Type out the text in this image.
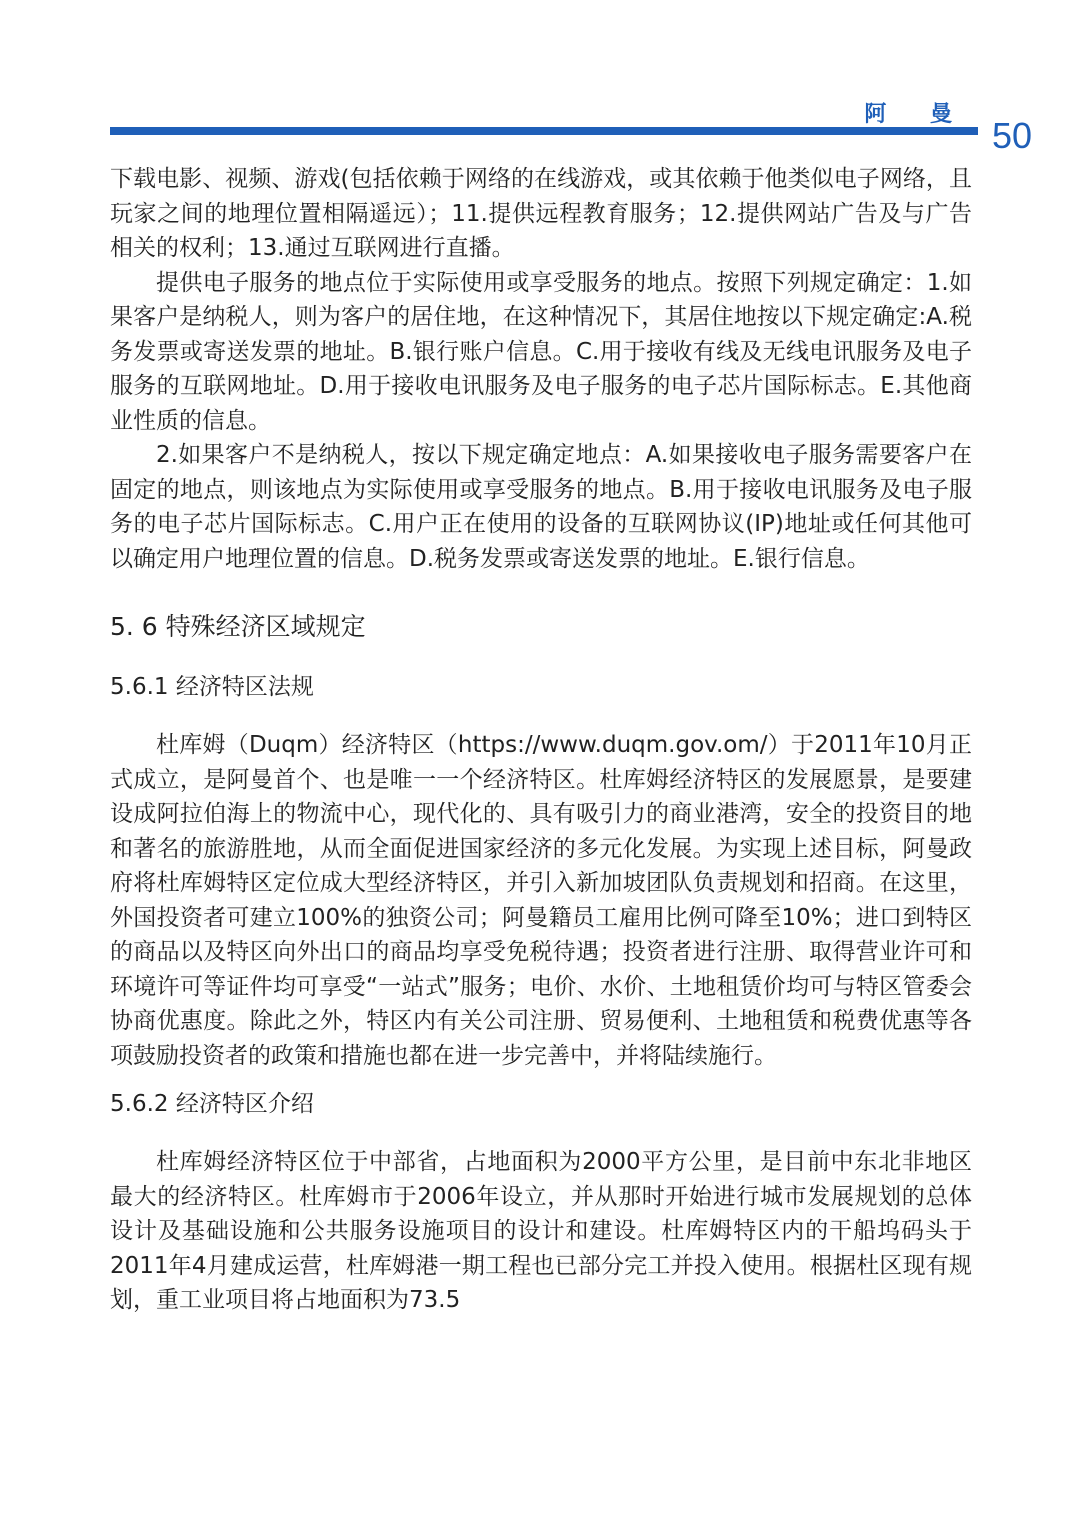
阿 曼
50

下载电影、视频、游戏(包括依赖于网络的在线游戏，或其依赖于他类似电子网络，且玩家之间的地理位置相隔遥远）；11.提供远程教育服务；12.提供网站广告及与广告相关的权利；13.通过互联网进行直播。

提供电子服务的地点位于实际使用或享受服务的地点。按照下列规定确定：1.如果客户是纳税人，则为客户的居住地，在这种情况下，其居住地按以下规定确定:A.税务发票或寄送发票的地址。B.银行账户信息。C.用于接收有线及无线电讯服务及电子服务的互联网地址。D.用于接收电讯服务及电子服务的电子芯片国际标志。E.其他商业性质的信息。

2.如果客户不是纳税人，按以下规定确定地点：A.如果接收电子服务需要客户在固定的地点，则该地点为实际使用或享受服务的地点。B.用于接收电讯服务及电子服务的电子芯片国际标志。C.用户正在使用的设备的互联网协议(IP)地址或任何其他可以确定用户地理位置的信息。D.税务发票或寄送发票的地址。E.银行信息。

5. 6 特殊经济区域规定
5.6.1 经济特区法规

杜库姆（Duqm）经济特区（https://www.duqm.gov.om/）于2011年10月正式成立，是阿曼首个、也是唯一一个经济特区。杜库姆经济特区的发展愿景，是要建设成阿拉伯海上的物流中心，现代化的、具有吸引力的商业港湾，安全的投资目的地和著名的旅游胜地，从而全面促进国家经济的多元化发展。为实现上述目标，阿曼政府将杜库姆特区定位成大型经济特区，并引入新加坡团队负责规划和招商。在这里，外国投资者可建立100%的独资公司；阿曼籍员工雇用比例可降至10%；进口到特区的商品以及特区向外出口的商品均享受免税待遇；投资者进行注册、取得营业许可和环境许可等证件均可享受“一站式”服务；电价、水价、土地租赁价均可与特区管委会协商优惠度。除此之外，特区内有关公司注册、贸易便利、土地租赁和税费优惠等各项鼓励投资者的政策和措施也都在进一步完善中，并将陆续施行。

5.6.2 经济特区介绍

杜库姆经济特区位于中部省，占地面积为2000平方公里，是目前中东北非地区最大的经济特区。杜库姆市于2006年设立，并从那时开始进行城市发展规划的总体设计及基础设施和公共服务设施项目的设计和建设。杜库姆特区内的干船坞码头于2011年4月建成运营，杜库姆港一期工程也已部分完工并投入使用。根据杜区现有规划，重工业项目将占地面积为73.5
